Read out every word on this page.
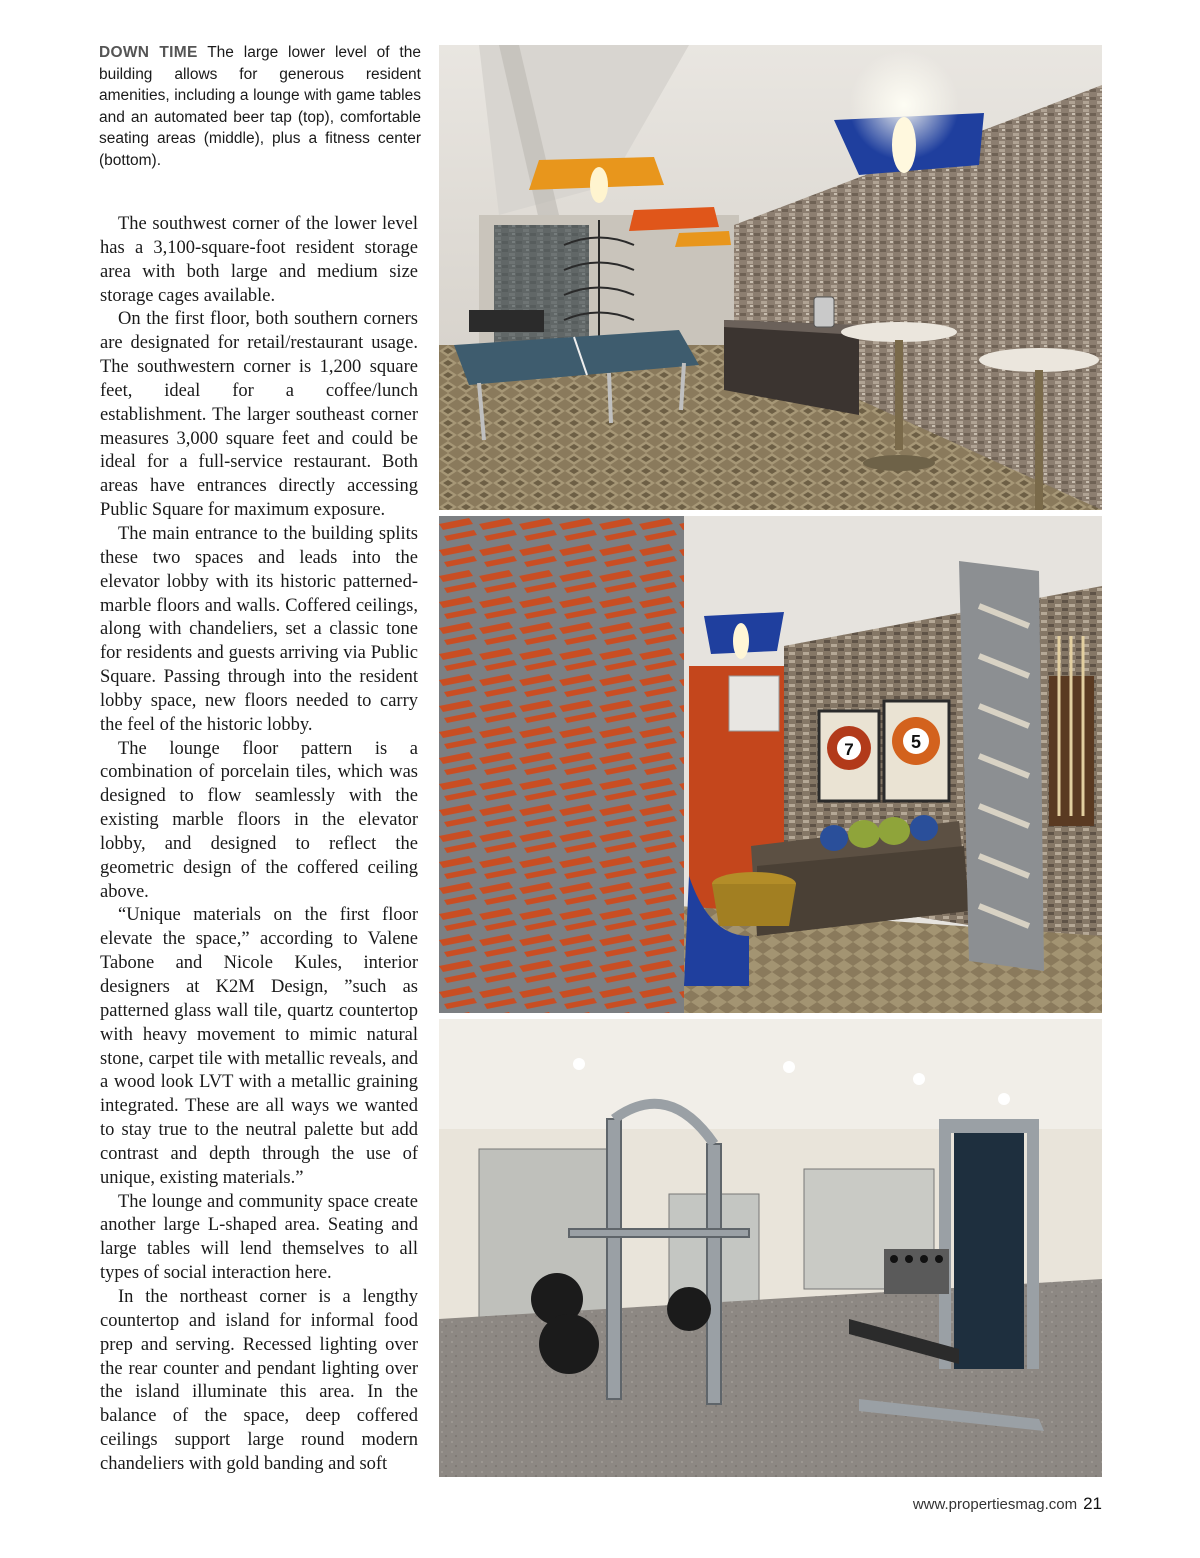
DOWN TIME The large lower level of the building allows for generous resident amenities, including a lounge with game tables and an automated beer tap (top), comfortable seating areas (middle), plus a fitness center (bottom).

The southwest corner of the lower level has a 3,100-square-foot resident storage area with both large and medium size storage cages available.

On the first floor, both southern corners are designated for retail/restaurant usage. The southwestern corner is 1,200 square feet, ideal for a coffee/lunch establishment. The larger southeast corner measures 3,000 square feet and could be ideal for a full-service restaurant. Both areas have entrances directly accessing Public Square for maximum exposure.

The main entrance to the building splits these two spaces and leads into the elevator lobby with its historic patterned-marble floors and walls. Coffered ceilings, along with chandeliers, set a classic tone for residents and guests arriving via Public Square. Passing through into the resident lobby space, new floors needed to carry the feel of the historic lobby.

The lounge floor pattern is a combination of porcelain tiles, which was designed to flow seamlessly with the existing marble floors in the elevator lobby, and designed to reflect the geometric design of the coffered ceiling above.

“Unique materials on the first floor elevate the space,” according to Valene Tabone and Nicole Kules, interior designers at K2M Design, ”such as patterned glass wall tile, quartz countertop with heavy movement to mimic natural stone, carpet tile with metallic reveals, and a wood look LVT with a metallic graining integrated. These are all ways we wanted to stay true to the neutral palette but add contrast and depth through the use of unique, existing materials.”

The lounge and community space create another large L-shaped area. Seating and large tables will lend themselves to all types of social interaction here.

In the northeast corner is a lengthy countertop and island for informal food prep and serving. Recessed lighting over the rear counter and pendant lighting over the island illuminate this area. In the balance of the space, deep coffered ceilings support large round modern chandeliers with gold banding and soft

7	5
www.propertiesmag.com 21
